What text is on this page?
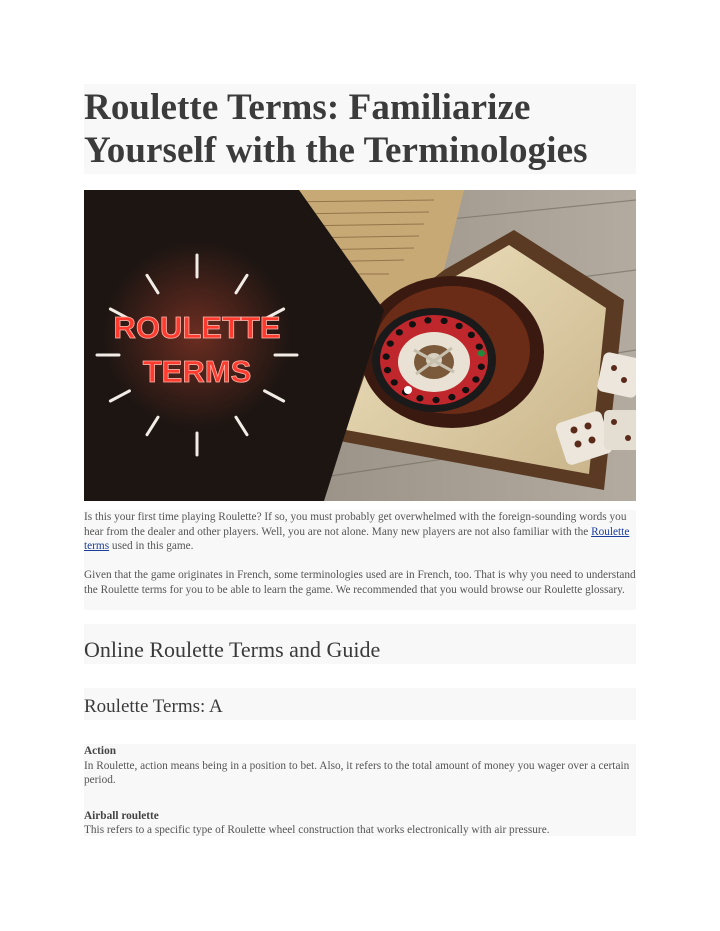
Roulette Terms: Familiarize Yourself with the Terminologies
ROULETTE
TERMS

Is this your first time playing Roulette? If so, you must probably get overwhelmed with the foreign-sounding words you hear from the dealer and other players. Well, you are not alone. Many new players are not also familiar with the Roulette terms used in this game.

Given that the game originates in French, some terminologies used are in French, too. That is why you need to understand the Roulette terms for you to be able to learn the game. We recommended that you would browse our Roulette glossary.

Online Roulette Terms and Guide
Roulette Terms: A
Action
In Roulette, action means being in a position to bet. Also, it refers to the total amount of money you wager over a certain period.
Airball roulette
This refers to a specific type of Roulette wheel construction that works electronically with air pressure.
